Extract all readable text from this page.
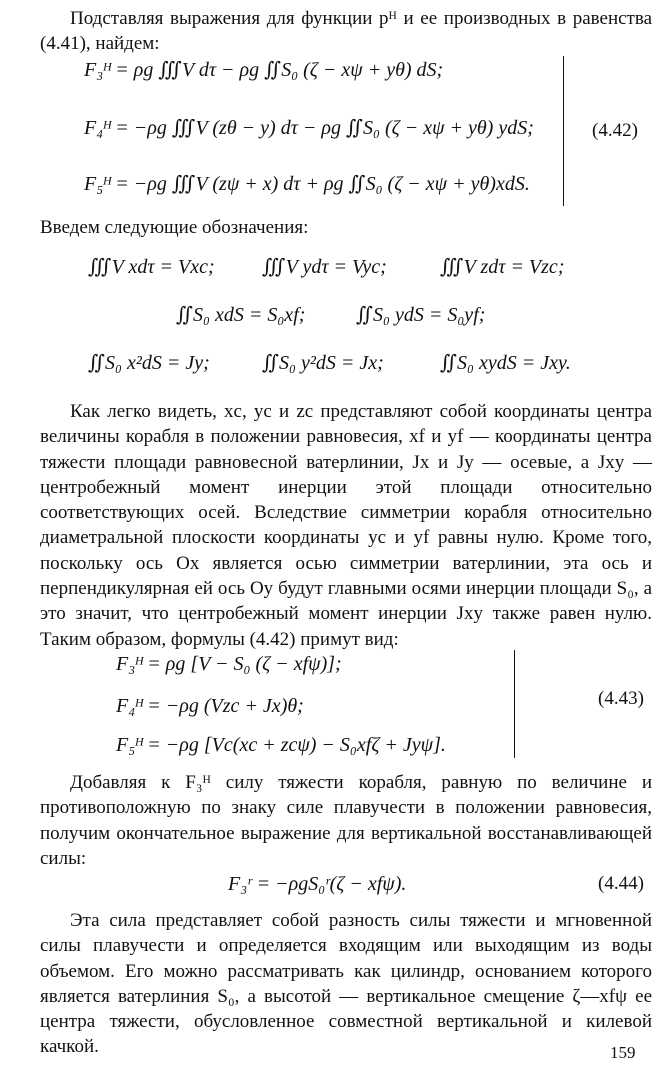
Подставляя выражения для функции pᴴ и ее производных в равенства (4.41), найдем:
F₃ᴴ = ρg ∭V dτ − ρg ∬S₀ (ζ − xψ + yθ) dS;
F₄ᴴ = −ρg ∭V (zθ − y) dτ − ρg ∬S₀ (ζ − xψ + yθ) ydS;
F₅ᴴ = −ρg ∭V (zψ + x) dτ + ρg ∬S₀ (ζ − xψ + yθ)xdS.
(4.42)
Введем следующие обозначения:
∭V xdτ = Vxc; ∭V ydτ = Vyc;	∭V zdτ = Vzc;
∬S₀ xdS = S₀xf;	∬S₀ ydS = S₀yf;
∬S₀ x²dS = Jy;	∬S₀ y²dS = Jx;	∬S₀ xydS = Jxy.
Как легко видеть, xc, yc и zc представляют собой координаты центра величины корабля в положении равновесия, xf и yf — координаты центра тяжести площади равновесной ватерлинии, Jx и Jy — осевые, а Jxy — центробежный момент инерции этой площади относительно соответствующих осей. Вследствие симметрии корабля относительно диаметральной плоскости координаты yc и yf равны нулю. Кроме того, поскольку ось Ox является осью симметрии ватерлинии, эта ось и перпендикулярная ей ось Oy будут главными осями инерции площади S₀, а это значит, что центробежный момент инерции Jxy также равен нулю. Таким образом, формулы (4.42) примут вид:
F₃ᴴ = ρg [V − S₀ (ζ − xfψ)];
F₄ᴴ = −ρg (Vzc + Jx)θ;
F₅ᴴ = −ρg [Vc(xc + zcψ) − S₀xfζ + Jyψ].
(4.43)
Добавляя к F₃ᴴ силу тяжести корабля, равную по величине и противоположную по знаку силе плавучести в положении равновесия, получим окончательное выражение для вертикальной восстанавливающей силы:
F₃ʳ = −ρgS₀ʳ(ζ − xfψ).	(4.44)
Эта сила представляет собой разность силы тяжести и мгновенной силы плавучести и определяется входящим или выходящим из воды объемом. Его можно рассматривать как цилиндр, основанием которого является ватерлиния S₀, а высотой — вертикальное смещение ζ—xfψ ее центра тяжести, обусловленное совместной вертикальной и килевой качкой.	159
